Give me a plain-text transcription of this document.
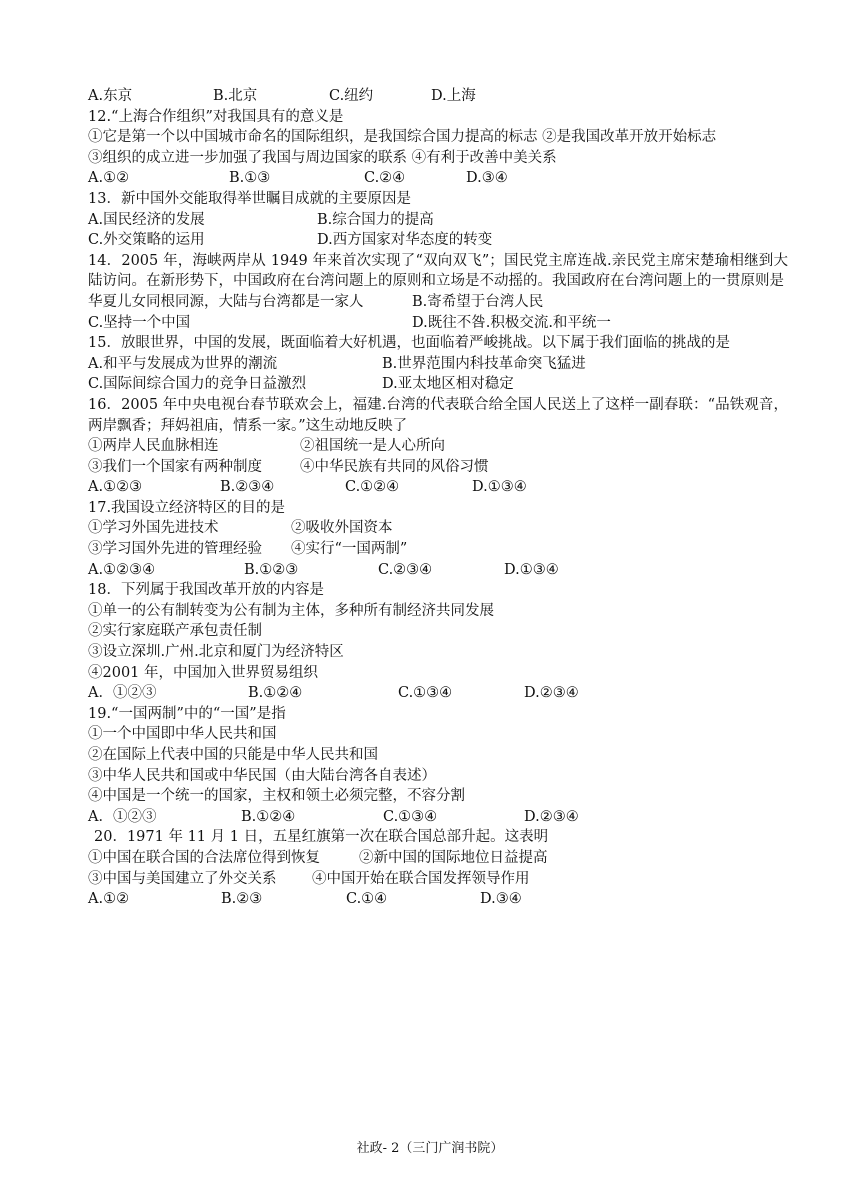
A.东京	B.北京	C.纽约	D.上海
12.“上海合作组织”对我国具有的意义是
①它是第一个以中国城市命名的国际组织，是我国综合国力提高的标志 ②是我国改革开放开始标志
③组织的成立进一步加强了我国与周边国家的联系 ④有利于改善中美关系
A.①②	B.①③	C.②④	D.③④
13．新中国外交能取得举世瞩目成就的主要原因是
A.国民经济的发展	B.综合国力的提高
C.外交策略的运用	D.西方国家对华态度的转变
14．2005 年，海峡两岸从 1949 年来首次实现了“双向双飞”；国民党主席连战.亲民党主席宋楚瑜相继到大陆访问。在新形势下，中国政府在台湾问题上的原则和立场是不动摇的。我国政府在台湾问题上的一贯原则是
华夏儿女同根同源，大陆与台湾都是一家人	B.寄希望于台湾人民
C.坚持一个中国	D.既往不咎.积极交流.和平统一
15．放眼世界，中国的发展，既面临着大好机遇，也面临着严峻挑战。以下属于我们面临的挑战的是
A.和平与发展成为世界的潮流	B.世界范围内科技革命突飞猛进
C.国际间综合国力的竞争日益激烈	D.亚太地区相对稳定
16．2005 年中央电视台春节联欢会上，福建.台湾的代表联合给全国人民送上了这样一副春联：“品铁观音，两岸飘香；拜妈祖庙，情系一家。”这生动地反映了
①两岸人民血脉相连	②祖国统一是人心所向
③我们一个国家有两种制度	④中华民族有共同的风俗习惯
A.①②③	B.②③④	C.①②④	D.①③④
17.我国设立经济特区的目的是
①学习外国先进技术	②吸收外国资本
③学习国外先进的管理经验 ④实行“一国两制”
A.①②③④	B.①②③	C.②③④	D.①③④
18．下列属于我国改革开放的内容是
①单一的公有制转变为公有制为主体，多种所有制经济共同发展
②实行家庭联产承包责任制
③设立深圳.广州.北京和厦门为经济特区
④2001 年，中国加入世界贸易组织
A．①②③	B.①②④	C.①③④	D.②③④
19.“一国两制”中的“一国”是指
①一个中国即中华人民共和国
②在国际上代表中国的只能是中华人民共和国
③中华人民共和国或中华民国（由大陆台湾各自表述）
④中国是一个统一的国家，主权和领土必须完整，不容分割
A．①②③	B.①②④	C.①③④	D.②③④
20．1971 年 11 月 1 日，五星红旗第一次在联合国总部升起。这表明
①中国在联合国的合法席位得到恢复	②新中国的国际地位日益提高
③中国与美国建立了外交关系 ④中国开始在联合国发挥领导作用
A.①②	B.②③	C.①④	D.③④
社政- 2（三门广润书院）
